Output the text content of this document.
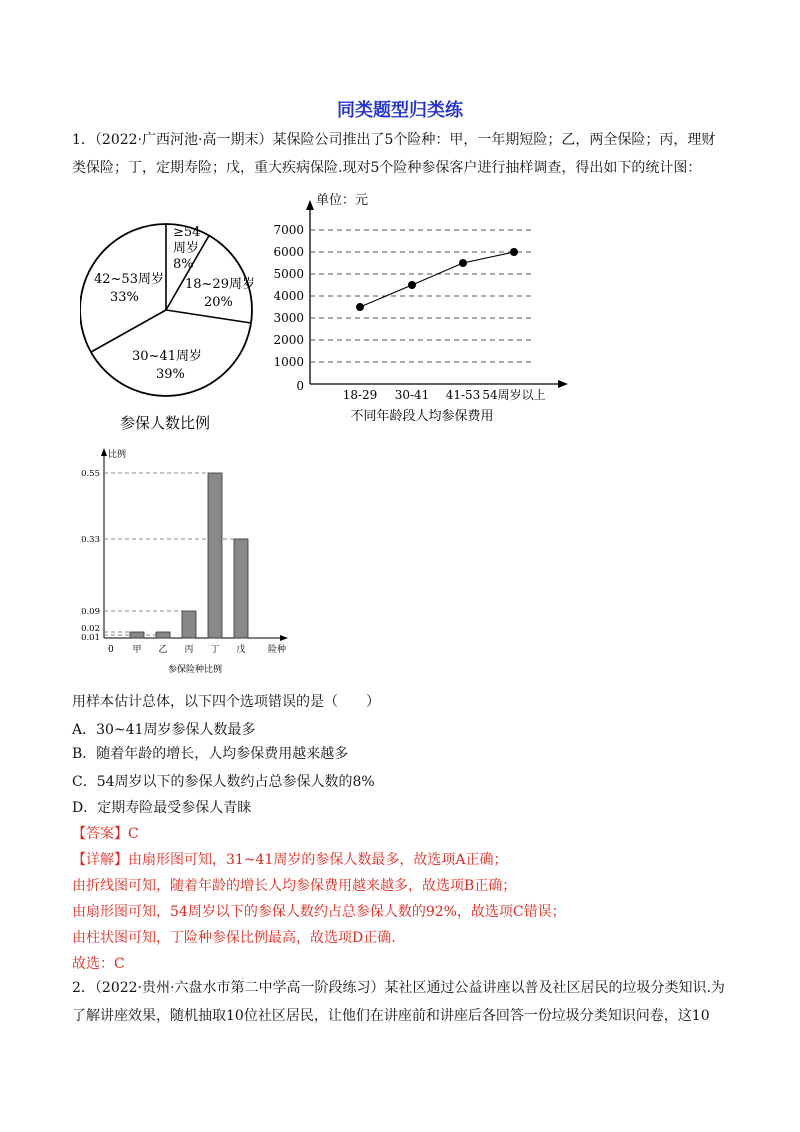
同类题型归类练
1．（2022·广西河池·高一期末）某保险公司推出了5个险种：甲，一年期短险；乙，两全保险；丙，理财
类保险；丁，定期寿险；戊，重大疾病保险.现对5个险种参保客户进行抽样调查，得出如下的统计图：
≥54
周岁
8%
18~29周岁
20%
30~41周岁
39%
42~53周岁
33%
参保人数比例
单位：元
7000
6000
5000
4000
3000
2000
1000
0
18-29 30-41 41-53 54周岁以上
不同年龄段人均参保费用
比例
0	险种
0.55
0.33
0.09
0.02
0.01
甲 乙 丙 丁 戊
参保险种比例
用样本估计总体，以下四个选项错误的是（　　）
A．30~41周岁参保人数最多
B．随着年龄的增长，人均参保费用越来越多
C．54周岁以下的参保人数约占总参保人数的8%
D．定期寿险最受参保人青睐
【答案】C
【详解】由扇形图可知，31~41周岁的参保人数最多，故选项A正确；
由折线图可知，随着年龄的增长人均参保费用越来越多，故选项B正确；
由扇形图可知，54周岁以下的参保人数约占总参保人数的92%，故选项C错误；
由柱状图可知，丁险种参保比例最高，故选项D正确.
故选：C
2．（2022·贵州·六盘水市第二中学高一阶段练习）某社区通过公益讲座以普及社区居民的垃圾分类知识.为
了解讲座效果，随机抽取10位社区居民，让他们在讲座前和讲座后各回答一份垃圾分类知识问卷，这10
